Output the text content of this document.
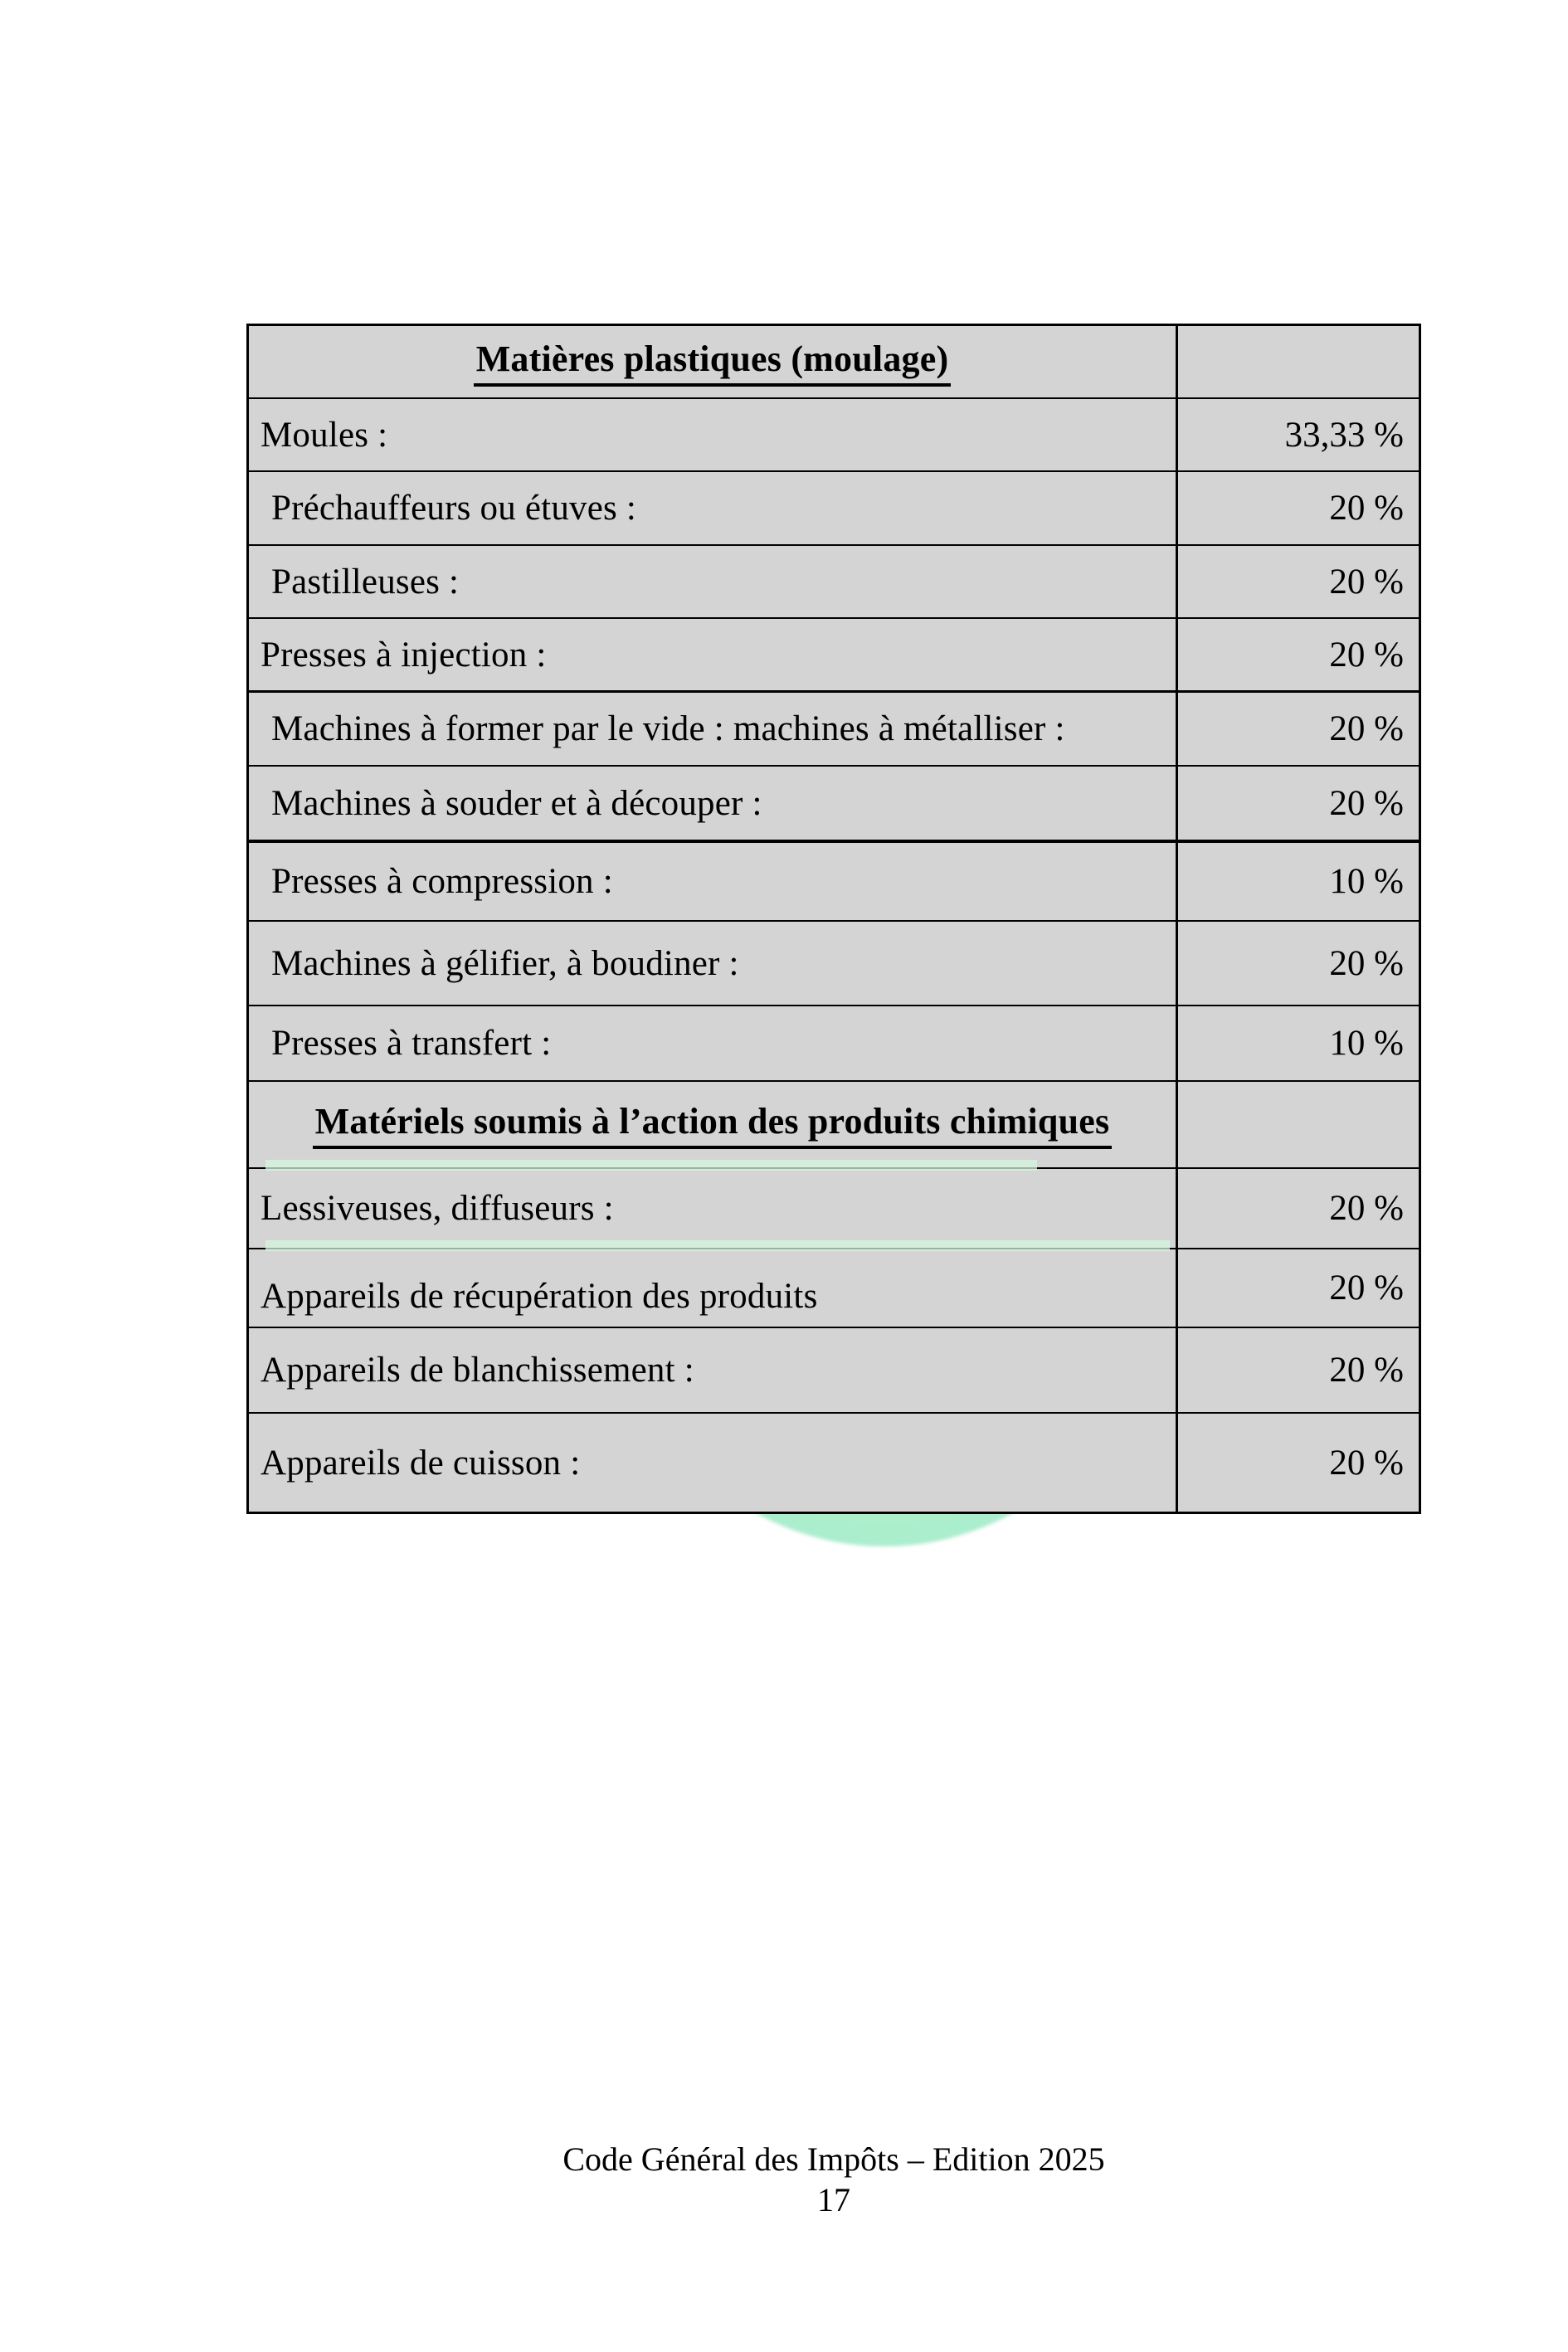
Matières plastiques (moulage)
Moules :	33,33 %
Préchauffeurs ou étuves :	20 %
Pastilleuses :	20 %
Presses à injection :	20 %
Machines à former par le vide : machines à métalliser :	20 %
Machines à souder et à découper :	20 %
Presses à compression :	10 %
Machines à gélifier, à boudiner :	20 %
Presses à transfert :	10 %
Matériels soumis à l’action des produits chimiques
Lessiveuses, diffuseurs :	20 %
Appareils de récupération des produits	20 %
Appareils de blanchissement :	20 %
Appareils de cuisson :	20 %
Code Général des Impôts – Edition 2025
17
